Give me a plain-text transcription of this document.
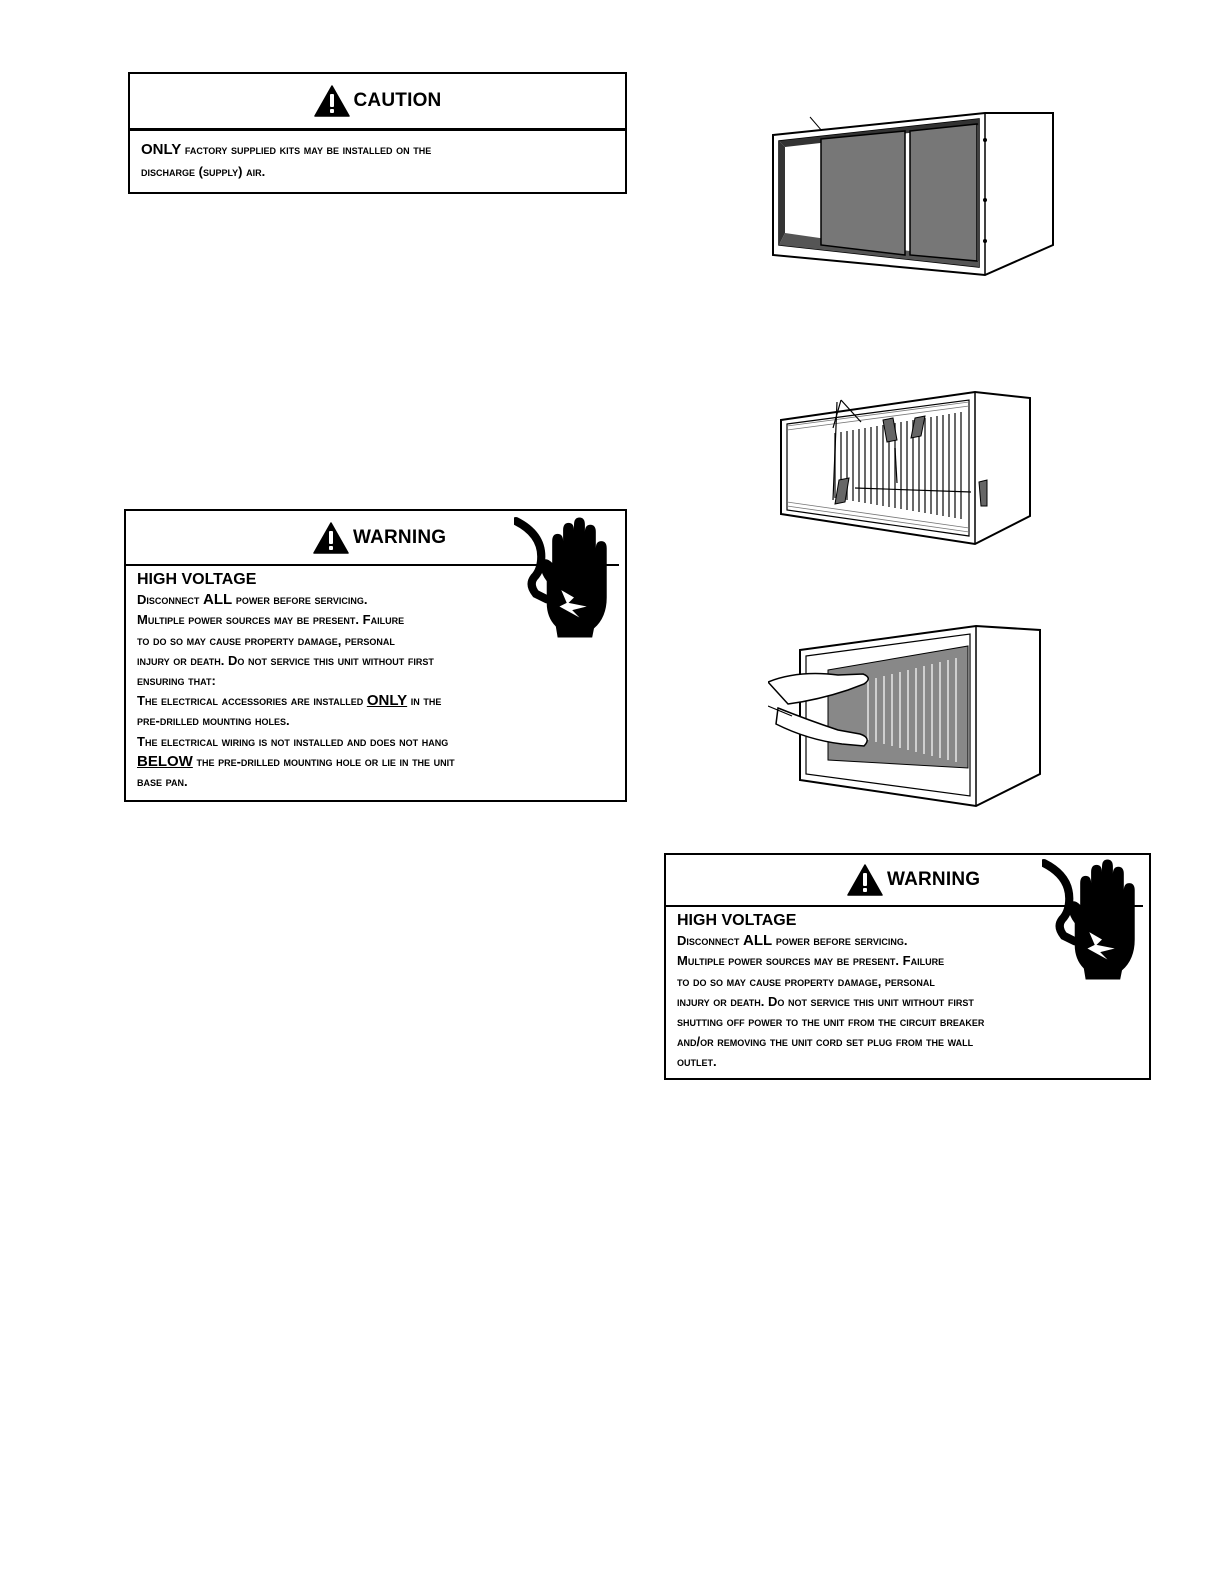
CAUTION
ONLY factory supplied kits may be installed on the
discharge (supply) air.
WARNING
HIGH VOLTAGE
Disconnect ALL power before servicing.
Multiple power sources may be present. Failure
to do so may cause property damage, personal
injury or death. Do not service this unit without first
ensuring that:
The electrical accessories are installed ONLY in the
pre-drilled mounting holes.
The electrical wiring is not installed and does not hang
BELOW the pre-drilled mounting hole or lie in the unit
base pan.
WARNING
HIGH VOLTAGE
Disconnect ALL power before servicing.
Multiple power sources may be present. Failure
to do so may cause property damage, personal
injury or death. Do not service this unit without first
shutting off power to the unit from the circuit breaker
and/or removing the unit cord set plug from the wall
outlet.
